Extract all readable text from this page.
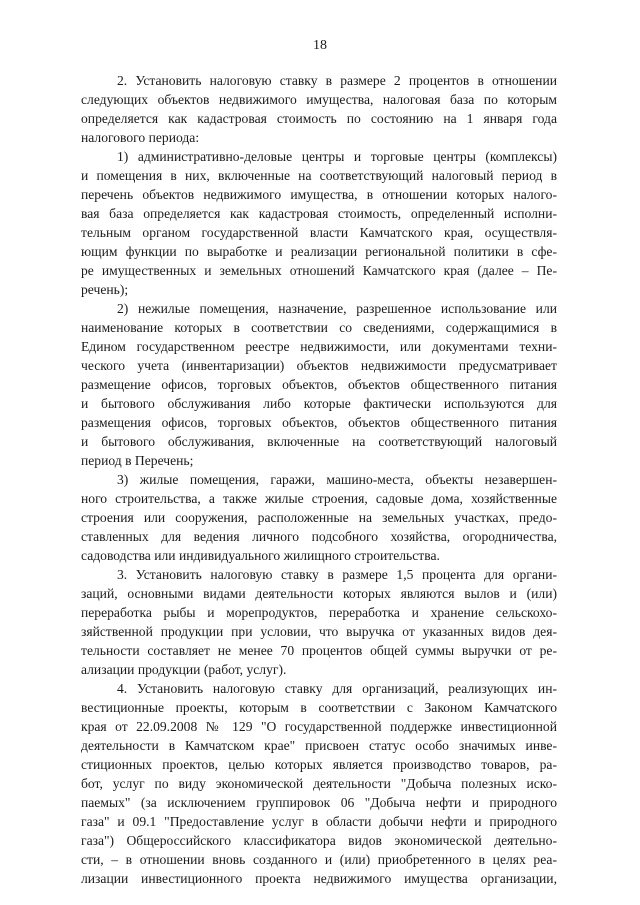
18
2. Установить налоговую ставку в размере 2 процентов в отношении
следующих объектов недвижимого имущества, налоговая база по которым
определяется как кадастровая стоимость по состоянию на 1 января года
налогового периода:
1) административно-деловые центры и торговые центры (комплексы)
и помещения в них, включенные на соответствующий налоговый период в
перечень объектов недвижимого имущества, в отношении которых налого-
вая база определяется как кадастровая стоимость, определенный исполни-
тельным органом государственной власти Камчатского края, осуществля-
ющим функции по выработке и реализации региональной политики в сфе-
ре имущественных и земельных отношений Камчатского края (далее – Пе-
речень);
2) нежилые помещения, назначение, разрешенное использование или
наименование которых в соответствии со сведениями, содержащимися в
Едином государственном реестре недвижимости, или документами техни-
ческого учета (инвентаризации) объектов недвижимости предусматривает
размещение офисов, торговых объектов, объектов общественного питания
и бытового обслуживания либо которые фактически используются для
размещения офисов, торговых объектов, объектов общественного питания
и бытового обслуживания, включенные на соответствующий налоговый
период в Перечень;
3) жилые помещения, гаражи, машино-места, объекты незавершен-
ного строительства, а также жилые строения, садовые дома, хозяйственные
строения или сооружения, расположенные на земельных участках, предо-
ставленных для ведения личного подсобного хозяйства, огородничества,
садоводства или индивидуального жилищного строительства.
3. Установить налоговую ставку в размере 1,5 процента для органи-
заций, основными видами деятельности которых являются вылов и (или)
переработка рыбы и морепродуктов, переработка и хранение сельскохо-
зяйственной продукции при условии, что выручка от указанных видов дея-
тельности составляет не менее 70 процентов общей суммы выручки от ре-
ализации продукции (работ, услуг).
4. Установить налоговую ставку для организаций, реализующих ин-
вестиционные проекты, которым в соответствии с Законом Камчатского
края от 22.09.2008 № 129 "О государственной поддержке инвестиционной
деятельности в Камчатском крае" присвоен статус особо значимых инве-
стиционных проектов, целью которых является производство товаров, ра-
бот, услуг по виду экономической деятельности "Добыча полезных иско-
паемых" (за исключением группировок 06 "Добыча нефти и природного
газа" и 09.1 "Предоставление услуг в области добычи нефти и природного
газа") Общероссийского классификатора видов экономической деятельно-
сти, – в отношении вновь созданного и (или) приобретенного в целях реа-
лизации инвестиционного проекта недвижимого имущества организации,
